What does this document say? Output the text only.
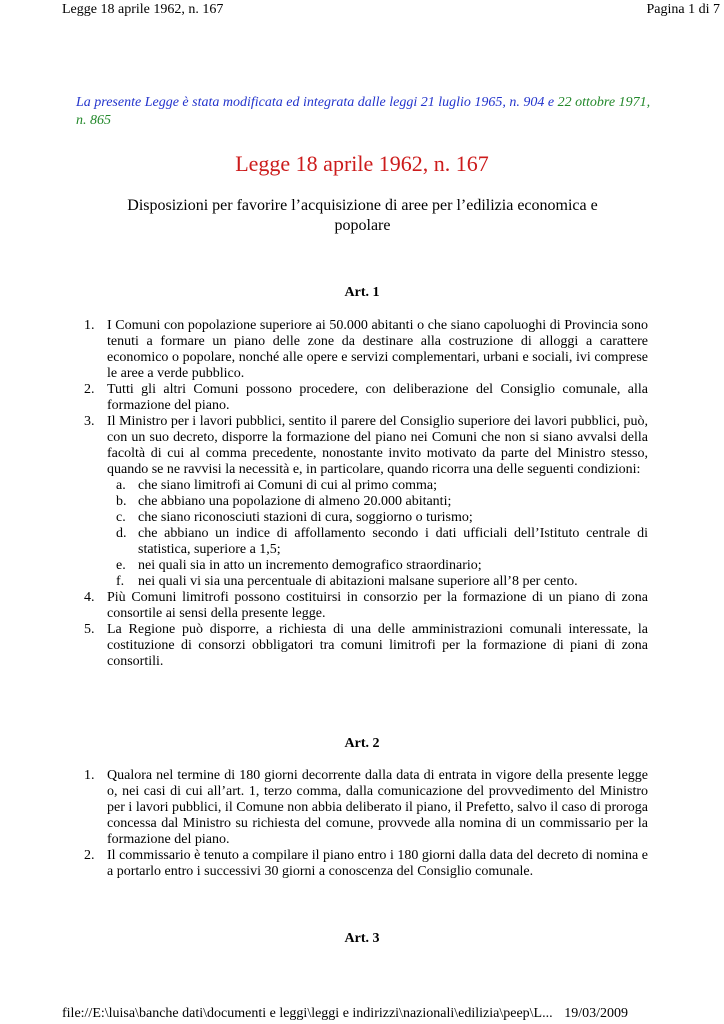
Legge 18 aprile 1962, n. 167	Pagina 1 di 7
La presente Legge è stata modificata ed integrata dalle leggi 21 luglio 1965, n. 904 e 22 ottobre 1971, n. 865
Legge 18 aprile 1962, n. 167
Disposizioni per favorire l’acquisizione di aree per l’edilizia economica e popolare
Art. 1
1. I Comuni con popolazione superiore ai 50.000 abitanti o che siano capoluoghi di Provincia sono tenuti a formare un piano delle zone da destinare alla costruzione di alloggi a carattere economico o popolare, nonché alle opere e servizi complementari, urbani e sociali, ivi comprese le aree a verde pubblico.
2. Tutti gli altri Comuni possono procedere, con deliberazione del Consiglio comunale, alla formazione del piano.
3. Il Ministro per i lavori pubblici, sentito il parere del Consiglio superiore dei lavori pubblici, può, con un suo decreto, disporre la formazione del piano nei Comuni che non si siano avvalsi della facoltà di cui al comma precedente, nonostante invito motivato da parte del Ministro stesso, quando se ne ravvisi la necessità e, in particolare, quando ricorra una delle seguenti condizioni:
a. che siano limitrofi ai Comuni di cui al primo comma;
b. che abbiano una popolazione di almeno 20.000 abitanti;
c. che siano riconosciuti stazioni di cura, soggiorno o turismo;
d. che abbiano un indice di affollamento secondo i dati ufficiali dell’Istituto centrale di statistica, superiore a 1,5;
e. nei quali sia in atto un incremento demografico straordinario;
f. nei quali vi sia una percentuale di abitazioni malsane superiore all’8 per cento.
4. Più Comuni limitrofi possono costituirsi in consorzio per la formazione di un piano di zona consortile ai sensi della presente legge.
5. La Regione può disporre, a richiesta di una delle amministrazioni comunali interessate, la costituzione di consorzi obbligatori tra comuni limitrofi per la formazione di piani di zona consortili.
Art. 2
1. Qualora nel termine di 180 giorni decorrente dalla data di entrata in vigore della presente legge o, nei casi di cui all’art. 1, terzo comma, dalla comunicazione del provvedimento del Ministro per i lavori pubblici, il Comune non abbia deliberato il piano, il Prefetto, salvo il caso di proroga concessa dal Ministro su richiesta del comune, provvede alla nomina di un commissario per la formazione del piano.
2. Il commissario è tenuto a compilare il piano entro i 180 giorni dalla data del decreto di nomina e a portarlo entro i successivi 30 giorni a conoscenza del Consiglio comunale.
Art. 3
file://E:\luisa\banche dati\documenti e leggi\leggi e indirizzi\nazionali\edilizia\peep\L... 19/03/2009
